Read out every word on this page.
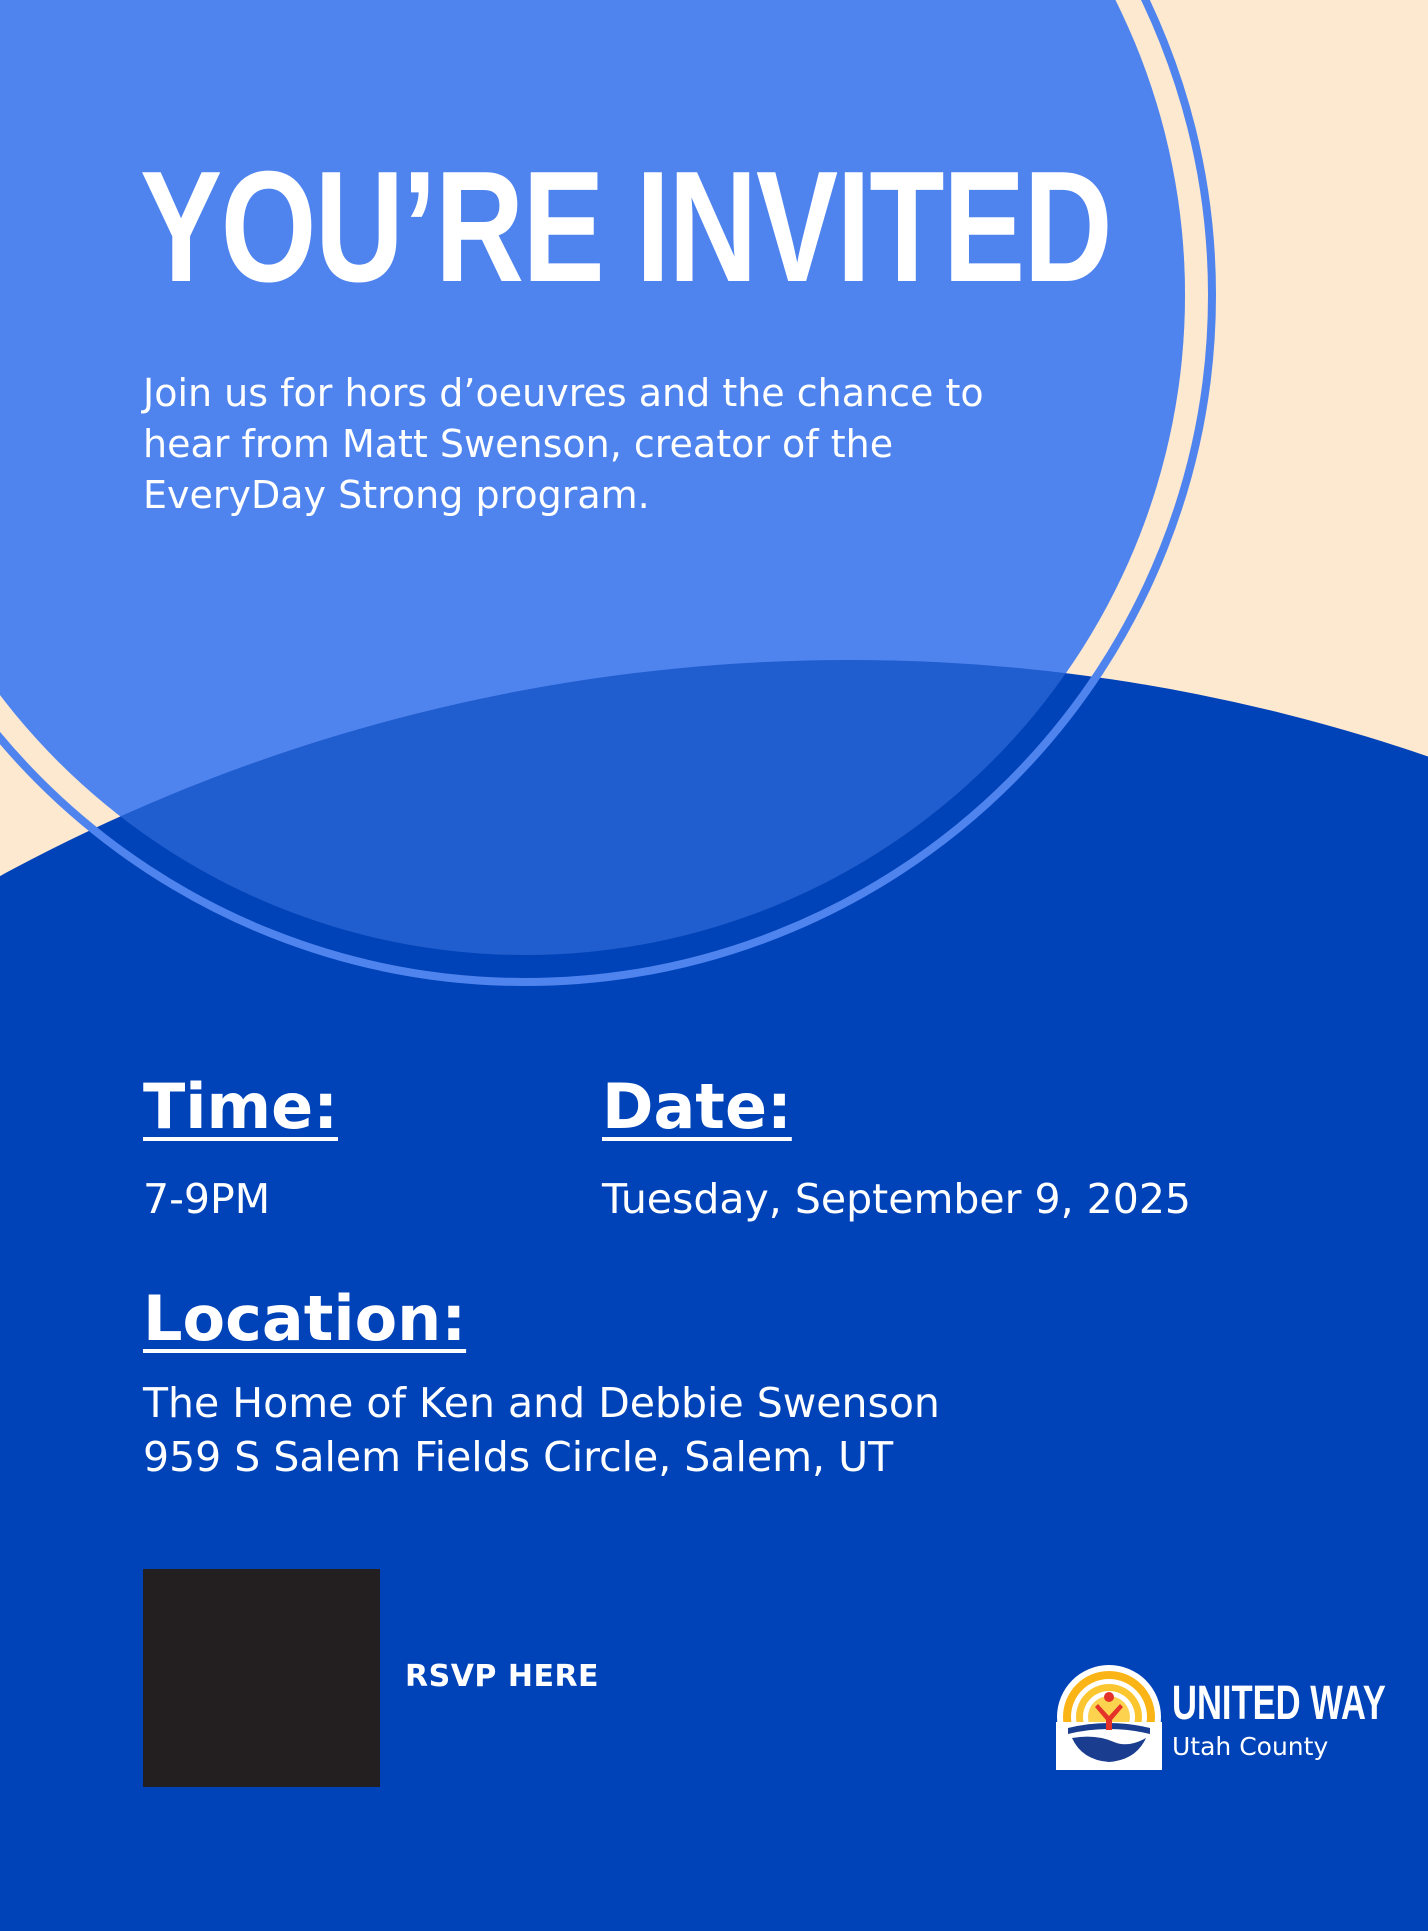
YOU’RE INVITED
Join us for hors d’oeuvres and the chance to hear from Matt Swenson, creator of the EveryDay Strong program.
Time:
7-9PM
Date:
Tuesday, September 9, 2025
Location:
The Home of Ken and Debbie Swenson
959 S Salem Fields Circle, Salem, UT
RSVP HERE
UNITED WAY
Utah County
